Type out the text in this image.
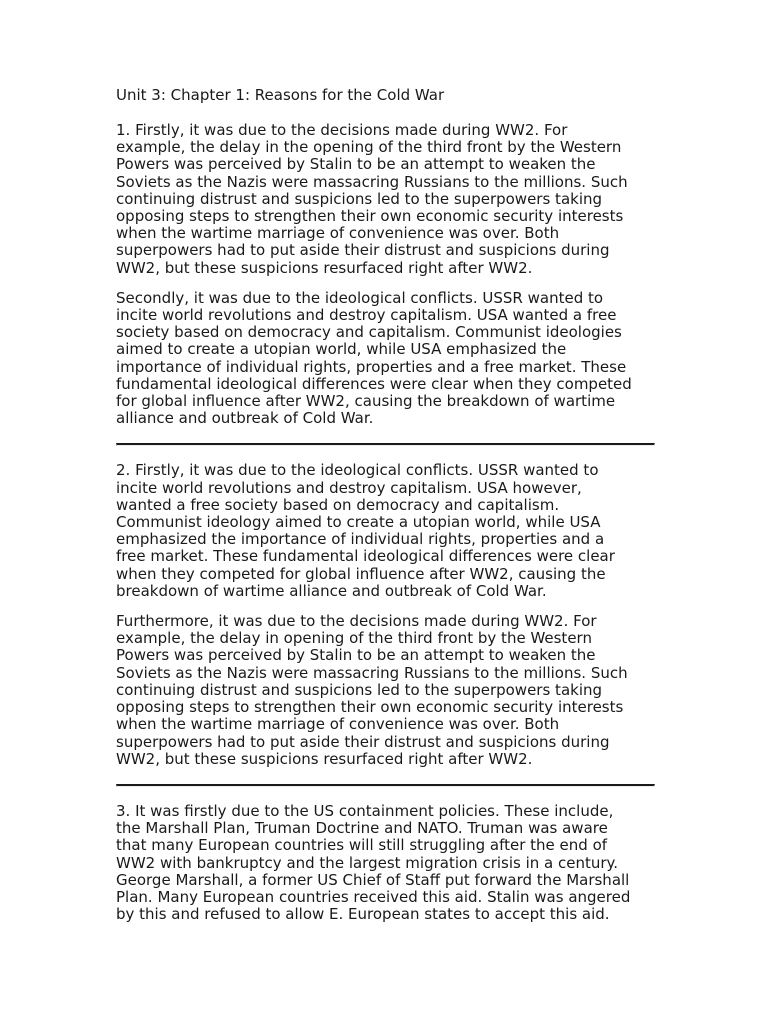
Unit 3: Chapter 1: Reasons for the Cold War

1. Firstly, it was due to the decisions made during WW2. For
example, the delay in the opening of the third front by the Western
Powers was perceived by Stalin to be an attempt to weaken the
Soviets as the Nazis were massacring Russians to the millions. Such
continuing distrust and suspicions led to the superpowers taking
opposing steps to strengthen their own economic security interests
when the wartime marriage of convenience was over. Both
superpowers had to put aside their distrust and suspicions during
WW2, but these suspicions resurfaced right after WW2.

Secondly, it was due to the ideological conflicts. USSR wanted to
incite world revolutions and destroy capitalism. USA wanted a free
society based on democracy and capitalism. Communist ideologies
aimed to create a utopian world, while USA emphasized the
importance of individual rights, properties and a free market. These
fundamental ideological differences were clear when they competed
for global influence after WW2, causing the breakdown of wartime
alliance and outbreak of Cold War.

2. Firstly, it was due to the ideological conflicts. USSR wanted to
incite world revolutions and destroy capitalism. USA however,
wanted a free society based on democracy and capitalism.
Communist ideology aimed to create a utopian world, while USA
emphasized the importance of individual rights, properties and a
free market. These fundamental ideological differences were clear
when they competed for global influence after WW2, causing the
breakdown of wartime alliance and outbreak of Cold War.

Furthermore, it was due to the decisions made during WW2. For
example, the delay in opening of the third front by the Western
Powers was perceived by Stalin to be an attempt to weaken the
Soviets as the Nazis were massacring Russians to the millions. Such
continuing distrust and suspicions led to the superpowers taking
opposing steps to strengthen their own economic security interests
when the wartime marriage of convenience was over. Both
superpowers had to put aside their distrust and suspicions during
WW2, but these suspicions resurfaced right after WW2.

3. It was firstly due to the US containment policies. These include,
the Marshall Plan, Truman Doctrine and NATO. Truman was aware
that many European countries will still struggling after the end of
WW2 with bankruptcy and the largest migration crisis in a century.
George Marshall, a former US Chief of Staff put forward the Marshall
Plan. Many European countries received this aid. Stalin was angered
by this and refused to allow E. European states to accept this aid.
